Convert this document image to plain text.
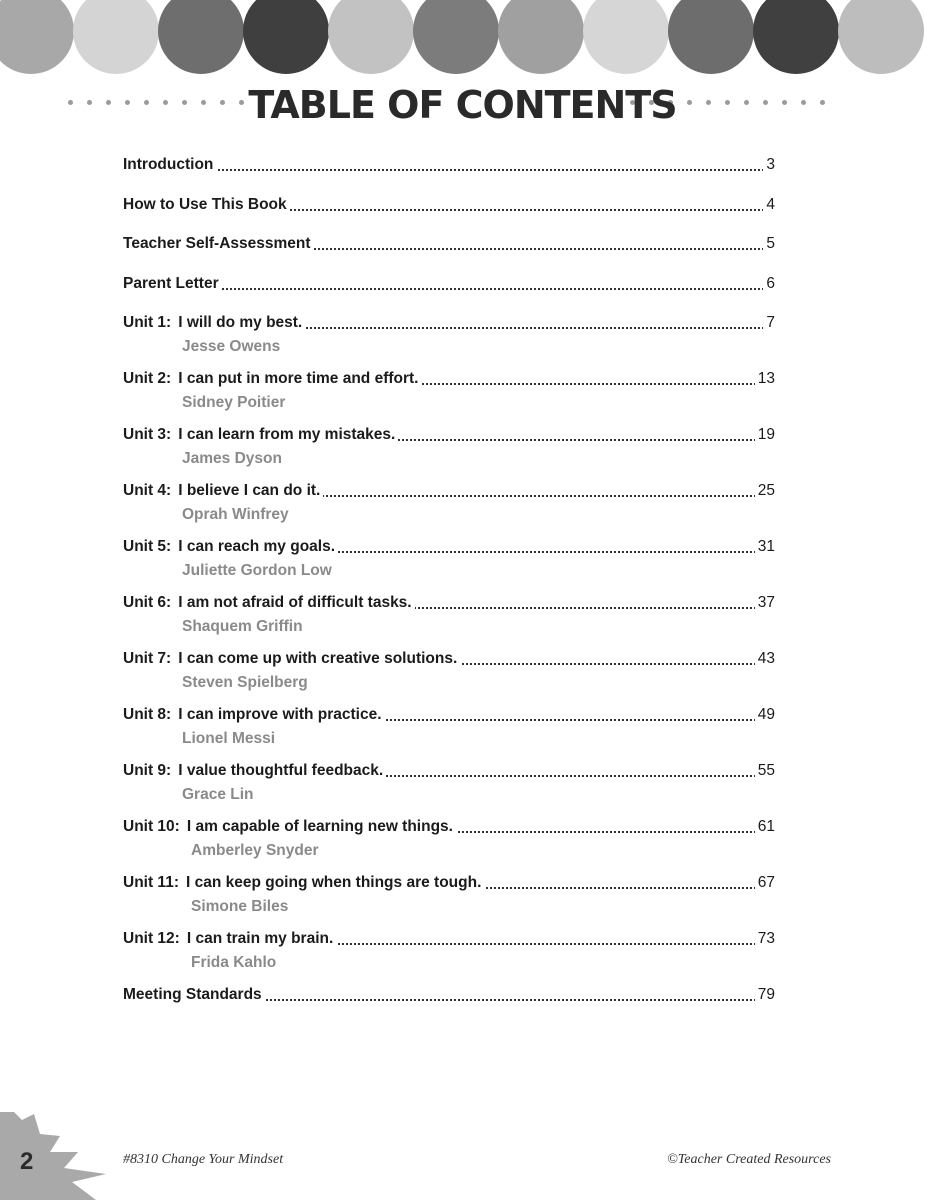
TABLE OF CONTENTS
Introduction	3
How to Use This Book	4
Teacher Self-Assessment	5
Parent Letter	6
Unit 1: I will do my best.	7
Jesse Owens
Unit 2: I can put in more time and effort.	13
Sidney Poitier
Unit 3: I can learn from my mistakes.	19
James Dyson
Unit 4: I believe I can do it.	25
Oprah Winfrey
Unit 5: I can reach my goals.	31
Juliette Gordon Low
Unit 6: I am not afraid of difficult tasks.	37
Shaquem Griffin
Unit 7: I can come up with creative solutions.	43
Steven Spielberg
Unit 8: I can improve with practice.	49
Lionel Messi
Unit 9: I value thoughtful feedback.	55
Grace Lin
Unit 10: I am capable of learning new things.	61
Amberley Snyder
Unit 11: I can keep going when things are tough.	67
Simone Biles
Unit 12: I can train my brain.	73
Frida Kahlo
Meeting Standards	79
2	#8310 Change Your Mindset	©Teacher Created Resources
